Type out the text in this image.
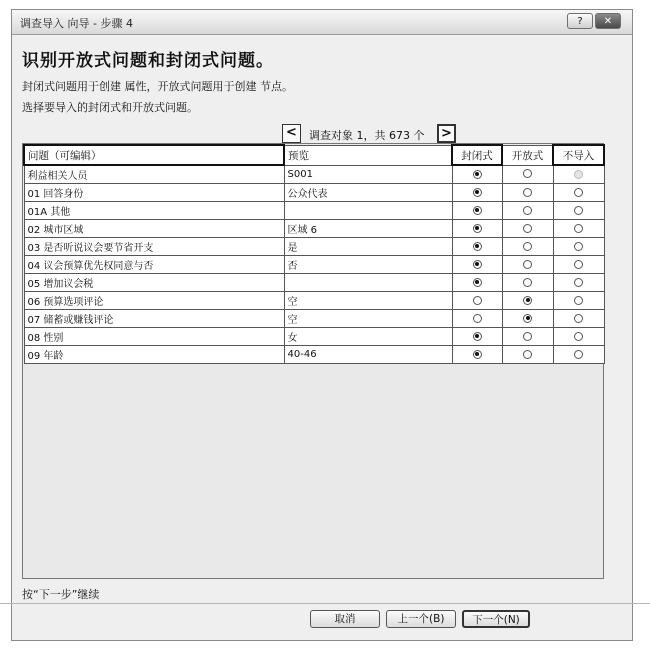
调查导入 向导 - 步骤 4	?	✕
识别开放式问题和封闭式问题。
封闭式问题用于创建 属性，开放式问题用于创建 节点。
选择要导入的封闭式和开放式问题。
<	调查对象 1，共 673 个	>
问题（可编辑）	预览	封闭式	开放式	不导入
利益相关人员	S001			
01 回答身份	公众代表			
01A 其他				
02 城市区域	区域 6			
03 是否听说议会要节省开支	是			
04 议会预算优先权同意与否	否			
05 增加议会税				
06 预算选项评论	空			
07 储蓄或赚钱评论	空			
08 性别	女			
09 年龄	40-46			
按“下一步”继续
取消	上一个(B)	下一个(N)
